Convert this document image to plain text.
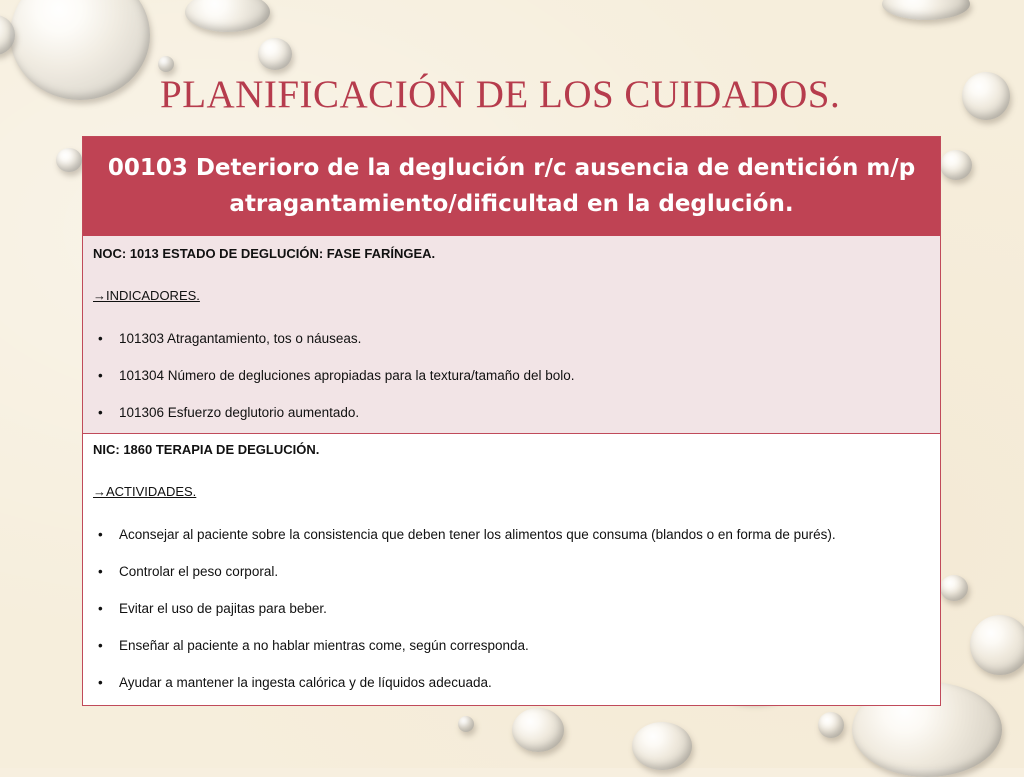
PLANIFICACIÓN DE LOS CUIDADOS.
00103 Deterioro de la deglución r/c ausencia de dentición m/p atragantamiento/dificultad en la deglución.
NOC: 1013 ESTADO DE DEGLUCIÓN: FASE FARÍNGEA.
→INDICADORES.
• 101303 Atragantamiento, tos o náuseas.
• 101304 Número de degluciones apropiadas para la textura/tamaño del bolo.
• 101306 Esfuerzo deglutorio aumentado.
NIC: 1860 TERAPIA DE DEGLUCIÓN.
→ACTIVIDADES.
• Aconsejar al paciente sobre la consistencia que deben tener los alimentos que consuma (blandos o en forma de purés).
• Controlar el peso corporal.
• Evitar el uso de pajitas para beber.
• Enseñar al paciente a no hablar mientras come, según corresponda.
• Ayudar a mantener la ingesta calórica y de líquidos adecuada.
